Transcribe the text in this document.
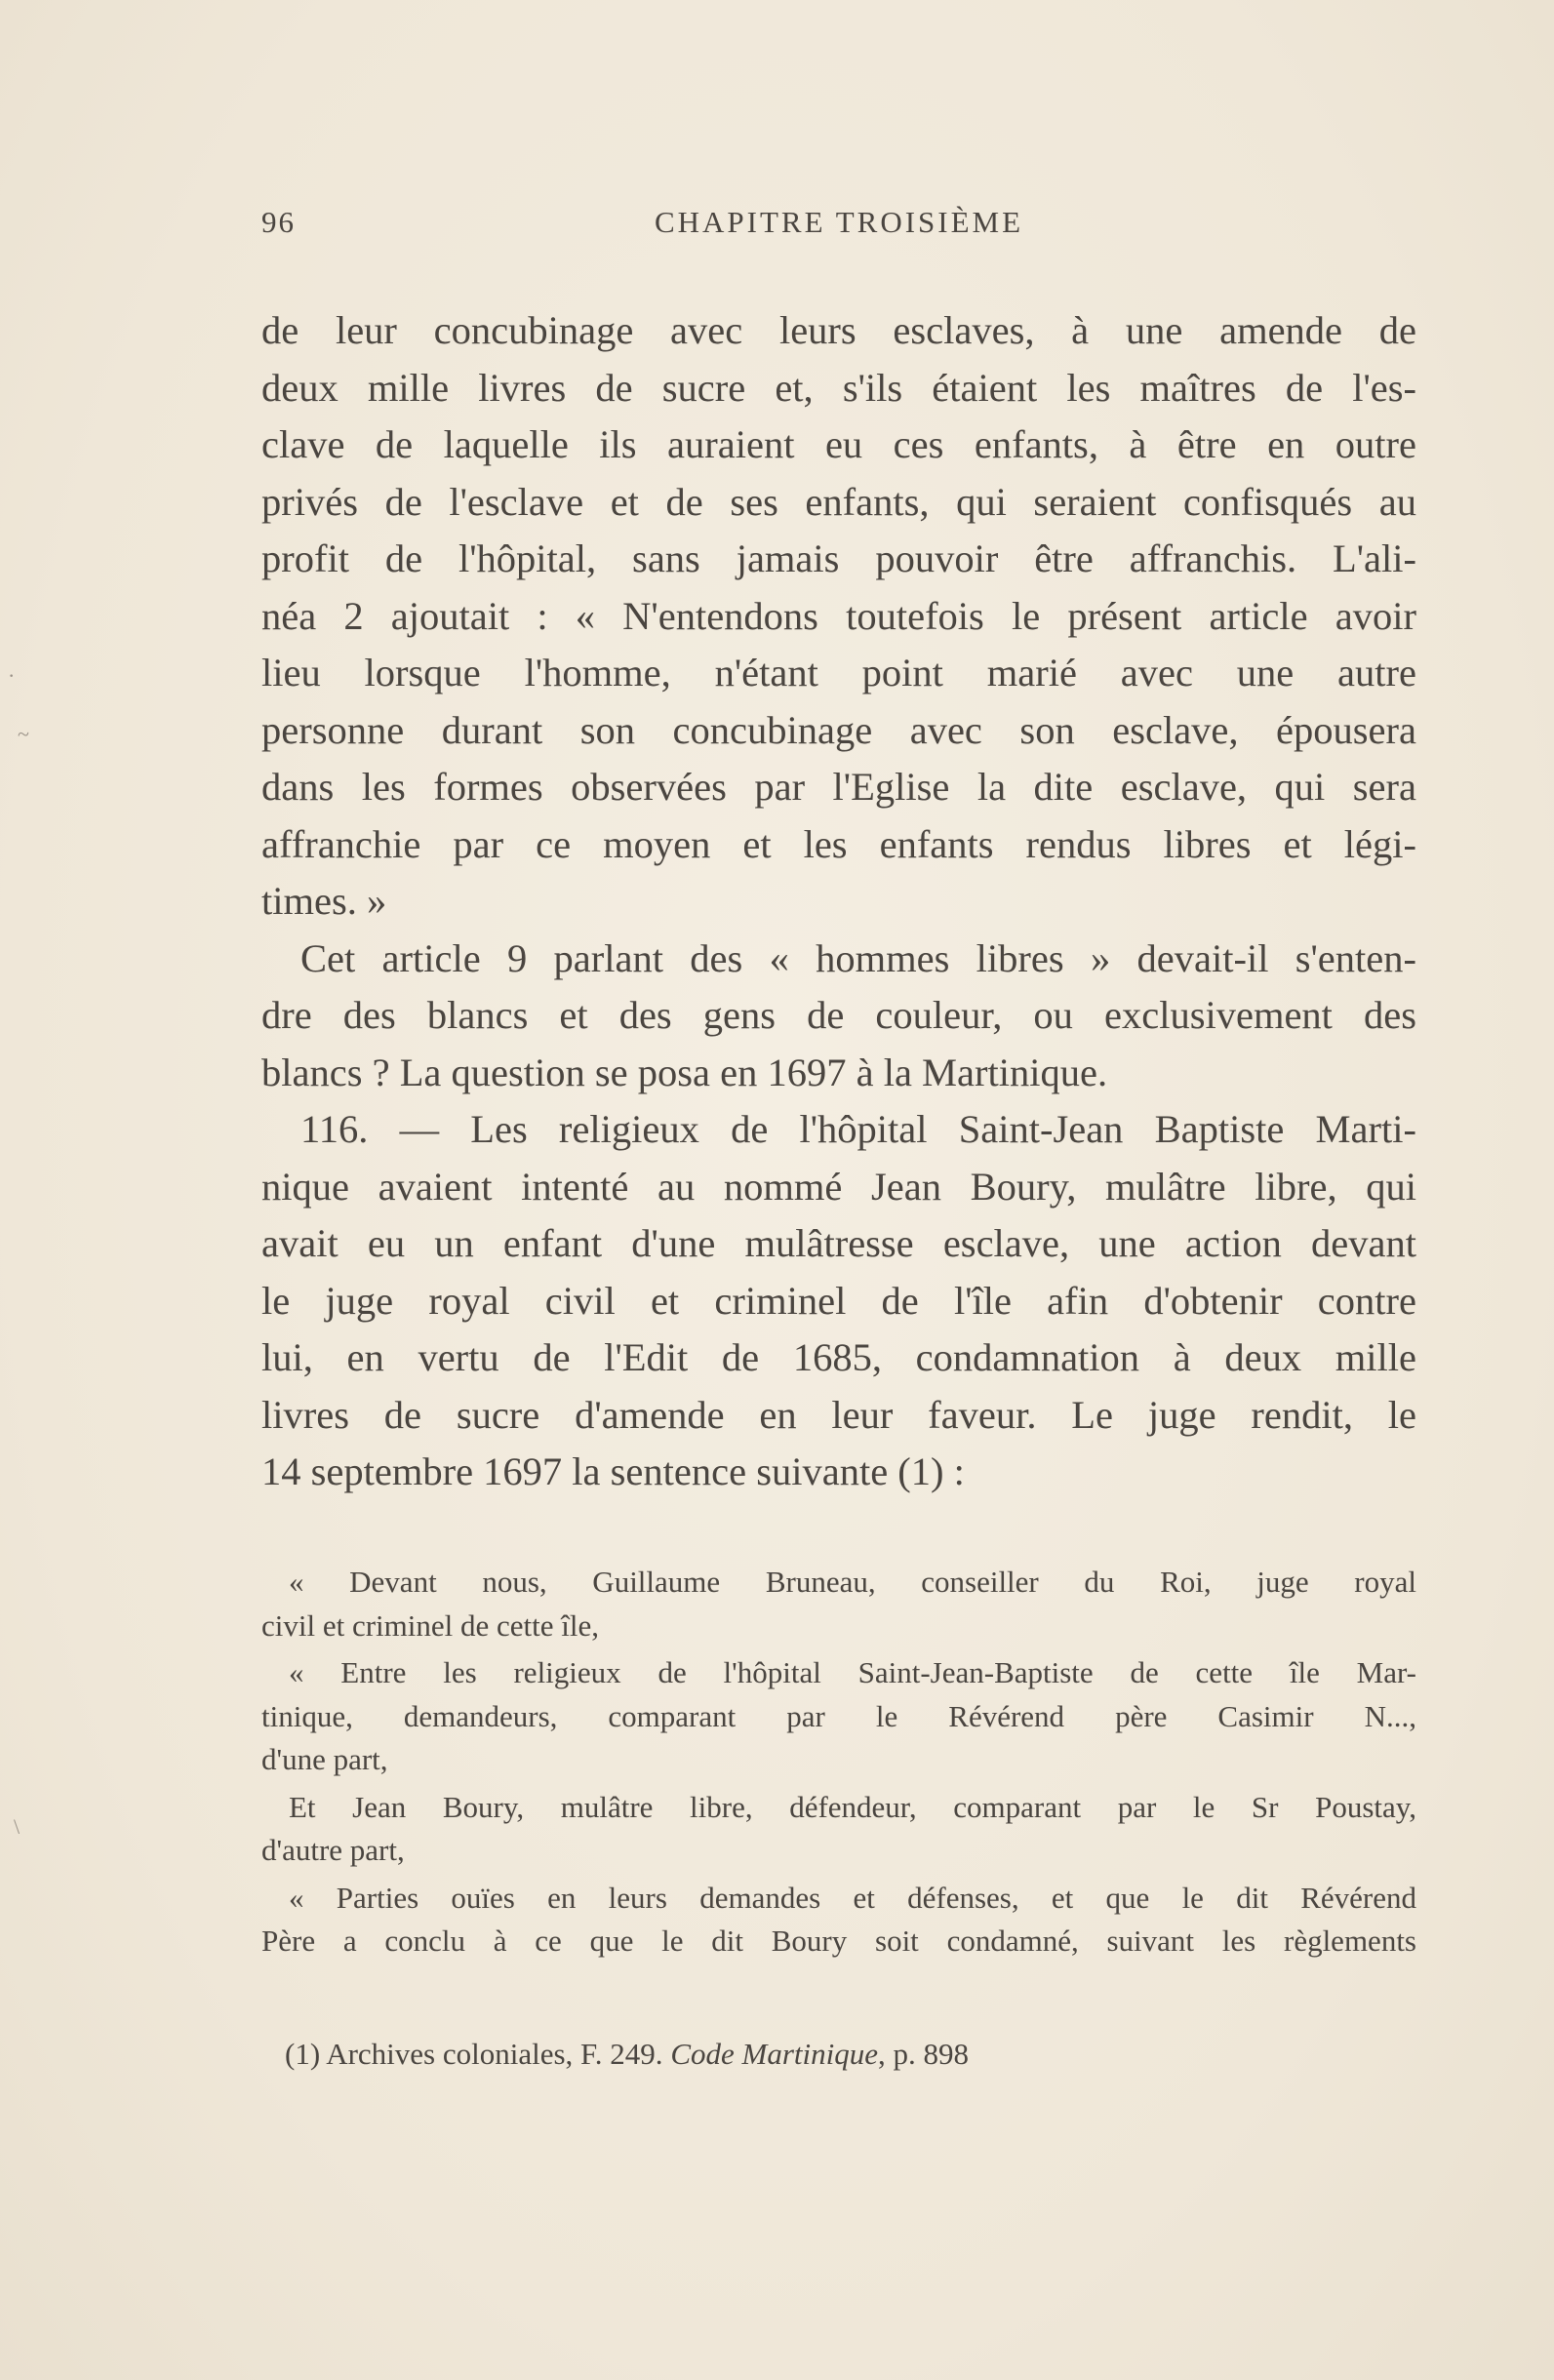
96	CHAPITRE TROISIÈME
de leur concubinage avec leurs esclaves, à une amende de
deux mille livres de sucre et, s'ils étaient les maîtres de l'es-
clave de laquelle ils auraient eu ces enfants, à être en outre
privés de l'esclave et de ses enfants, qui seraient confisqués au
profit de l'hôpital, sans jamais pouvoir être affranchis. L'ali-
néa 2 ajoutait : « N'entendons toutefois le présent article avoir
lieu lorsque l'homme, n'étant point marié avec une autre
personne durant son concubinage avec son esclave, épousera
dans les formes observées par l'Eglise la dite esclave, qui sera
affranchie par ce moyen et les enfants rendus libres et légi-
times. »
Cet article 9 parlant des « hommes libres » devait-il s'enten-
dre des blancs et des gens de couleur, ou exclusivement des
blancs ? La question se posa en 1697 à la Martinique.
116. — Les religieux de l'hôpital Saint-Jean Baptiste Marti-
nique avaient intenté au nommé Jean Boury, mulâtre libre, qui
avait eu un enfant d'une mulâtresse esclave, une action devant
le juge royal civil et criminel de l'île afin d'obtenir contre
lui, en vertu de l'Edit de 1685, condamnation à deux mille
livres de sucre d'amende en leur faveur. Le juge rendit, le
14 septembre 1697 la sentence suivante (1) :
« Devant nous, Guillaume Bruneau, conseiller du Roi, juge royal
civil et criminel de cette île,
« Entre les religieux de l'hôpital Saint-Jean-Baptiste de cette île Mar-
tinique, demandeurs, comparant par le Révérend père Casimir N...,
d'une part,
Et Jean Boury, mulâtre libre, défendeur, comparant par le Sr Poustay,
d'autre part,
« Parties ouïes en leurs demandes et défenses, et que le dit Révérend
Père a conclu à ce que le dit Boury soit condamné, suivant les règlements
(1) Archives coloniales, F. 249. Code Martinique, p. 898
·
~
\
